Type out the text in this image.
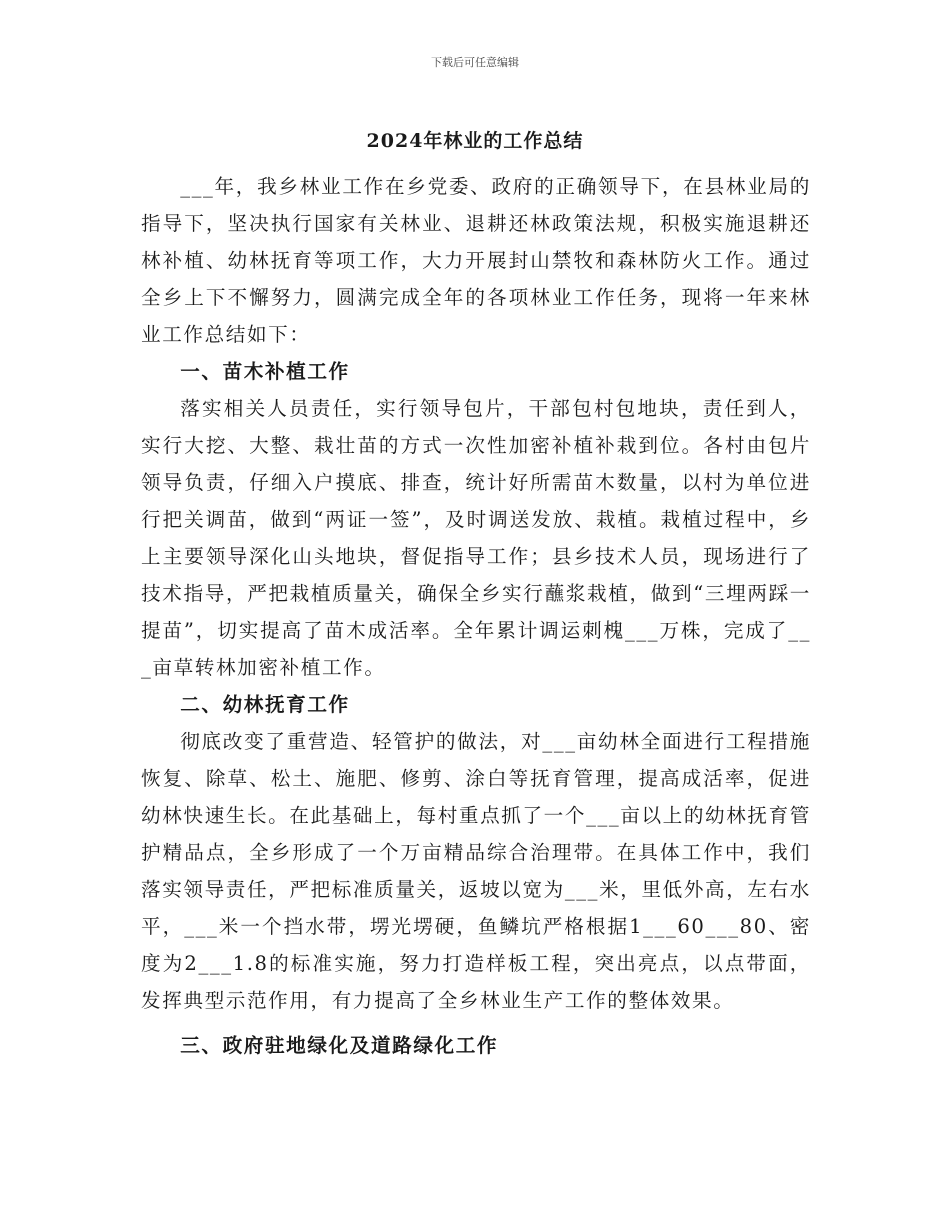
下载后可任意编辑
2024年林业的工作总结

___年，我乡林业工作在乡党委、政府的正确领导下，在县林业局的指导下，坚决执行国家有关林业、退耕还林政策法规，积极实施退耕还林补植、幼林抚育等项工作，大力开展封山禁牧和森林防火工作。通过全乡上下不懈努力，圆满完成全年的各项林业工作任务，现将一年来林业工作总结如下：

一、苗木补植工作

落实相关人员责任，实行领导包片，干部包村包地块，责任到人，实行大挖、大整、栽壮苗的方式一次性加密补植补栽到位。各村由包片领导负责，仔细入户摸底、排查，统计好所需苗木数量，以村为单位进行把关调苗，做到“两证一签”，及时调送发放、栽植。栽植过程中，乡上主要领导深化山头地块，督促指导工作；县乡技术人员，现场进行了技术指导，严把栽植质量关，确保全乡实行蘸浆栽植，做到“三埋两踩一提苗”，切实提高了苗木成活率。全年累计调运刺槐___万株，完成了___亩草转林加密补植工作。

二、幼林抚育工作

彻底改变了重营造、轻管护的做法，对___亩幼林全面进行工程措施恢复、除草、松土、施肥、修剪、涂白等抚育管理，提高成活率，促进幼林快速生长。在此基础上，每村重点抓了一个___亩以上的幼林抚育管护精品点，全乡形成了一个万亩精品综合治理带。在具体工作中，我们落实领导责任，严把标准质量关，返坡以宽为___米，里低外高，左右水平，___米一个挡水带，塄光塄硬，鱼鳞坑严格根据1___60___80、密度为2___1.8的标准实施，努力打造样板工程，突出亮点，以点带面，发挥典型示范作用，有力提高了全乡林业生产工作的整体效果。

三、政府驻地绿化及道路绿化工作
